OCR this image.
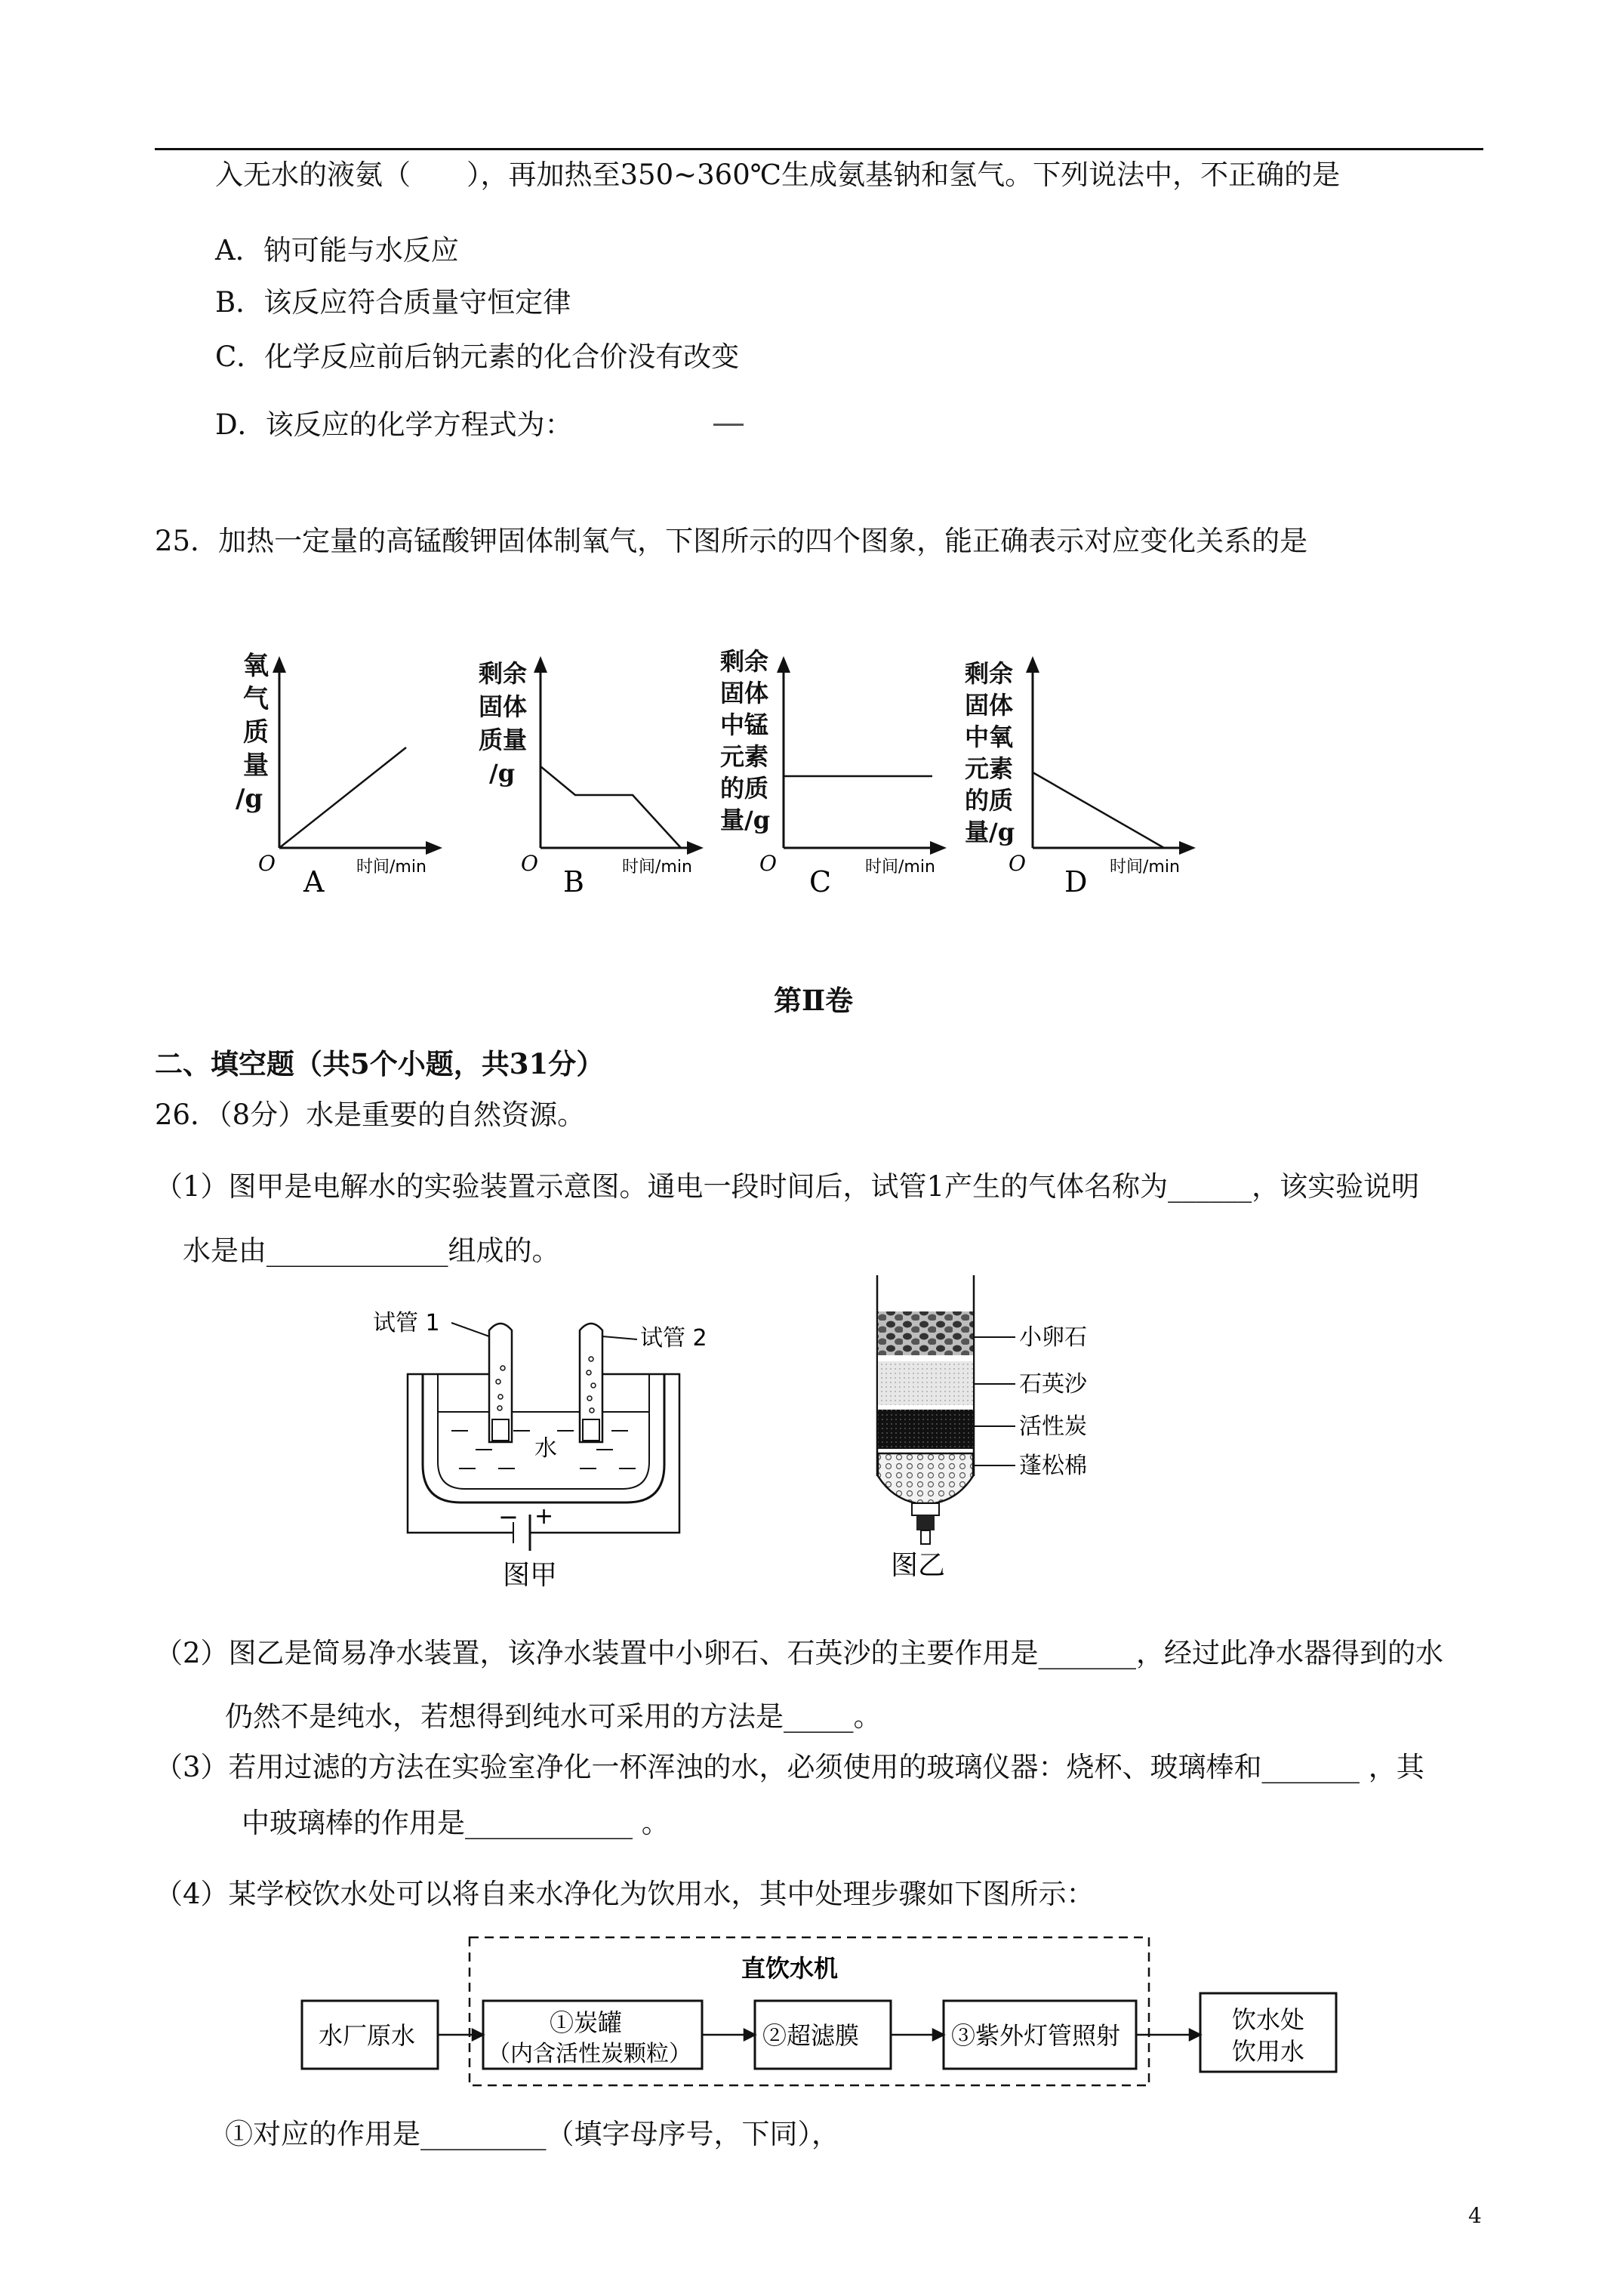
入无水的液氨（　　），再加热至350~360℃生成氨基钠和氢气。下列说法中，不正确的是
A．钠可能与水反应
B．该反应符合质量守恒定律
C．化学反应前后钠元素的化合价没有改变
D．该反应的化学方程式为：
25．加热一定量的高锰酸钾固体制氧气，下图所示的四个图象，能正确表示对应变化关系的是
氧
气
质
量
/g
O	时间/min
A
剩余
固体
质量
/g
O	时间/min
B
剩余
固体
中锰
元素
的质
量/g
O	时间/min
C
剩余
固体
中氧
元素
的质
量/g
O	时间/min
D
第Ⅱ卷
二、填空题（共5个小题，共31分）
26．（8分）水是重要的自然资源。
（1）图甲是电解水的实验装置示意图。通电一段时间后，试管1产生的气体名称为______，该实验说明
水是由_____________组成的。
试管 1
试管 2
水
− +
图甲
小卵石
石英沙
活性炭
蓬松棉
图乙
（2）图乙是简易净水装置，该净水装置中小卵石、石英沙的主要作用是_______，经过此净水器得到的水
仍然不是纯水，若想得到纯水可采用的方法是_____。
（3）若用过滤的方法在实验室净化一杯浑浊的水，必须使用的玻璃仪器：烧杯、玻璃棒和_______ ，其
中玻璃棒的作用是____________ 。
（4）某学校饮水处可以将自来水净化为饮用水，其中处理步骤如下图所示：
直饮水机
水厂原水	①炭罐
（内含活性炭颗粒）
②超滤膜	③紫外灯管照射
饮水处
饮用水
①对应的作用是_________（填字母序号，下同），
4
